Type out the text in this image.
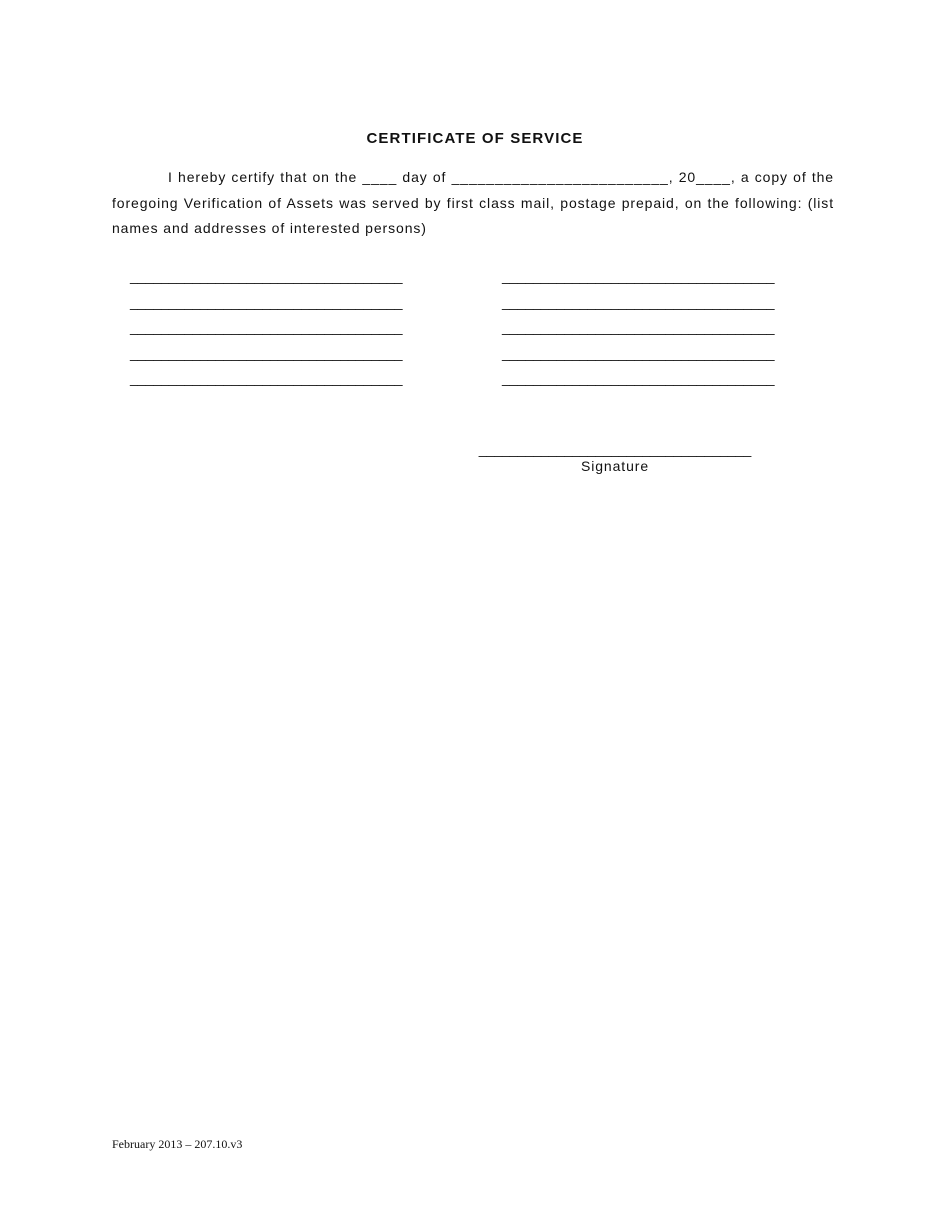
CERTIFICATE OF SERVICE

I hereby certify that on the ____ day of _________________________, 20____, a copy of the foregoing Verification of Assets was served by first class mail, postage prepaid, on the following: (list names and addresses of interested persons)

___________________________________
___________________________________
___________________________________
___________________________________
___________________________________
___________________________________
___________________________________
___________________________________
___________________________________
___________________________________
___________________________________
Signature
February 2013 – 207.10.v3
